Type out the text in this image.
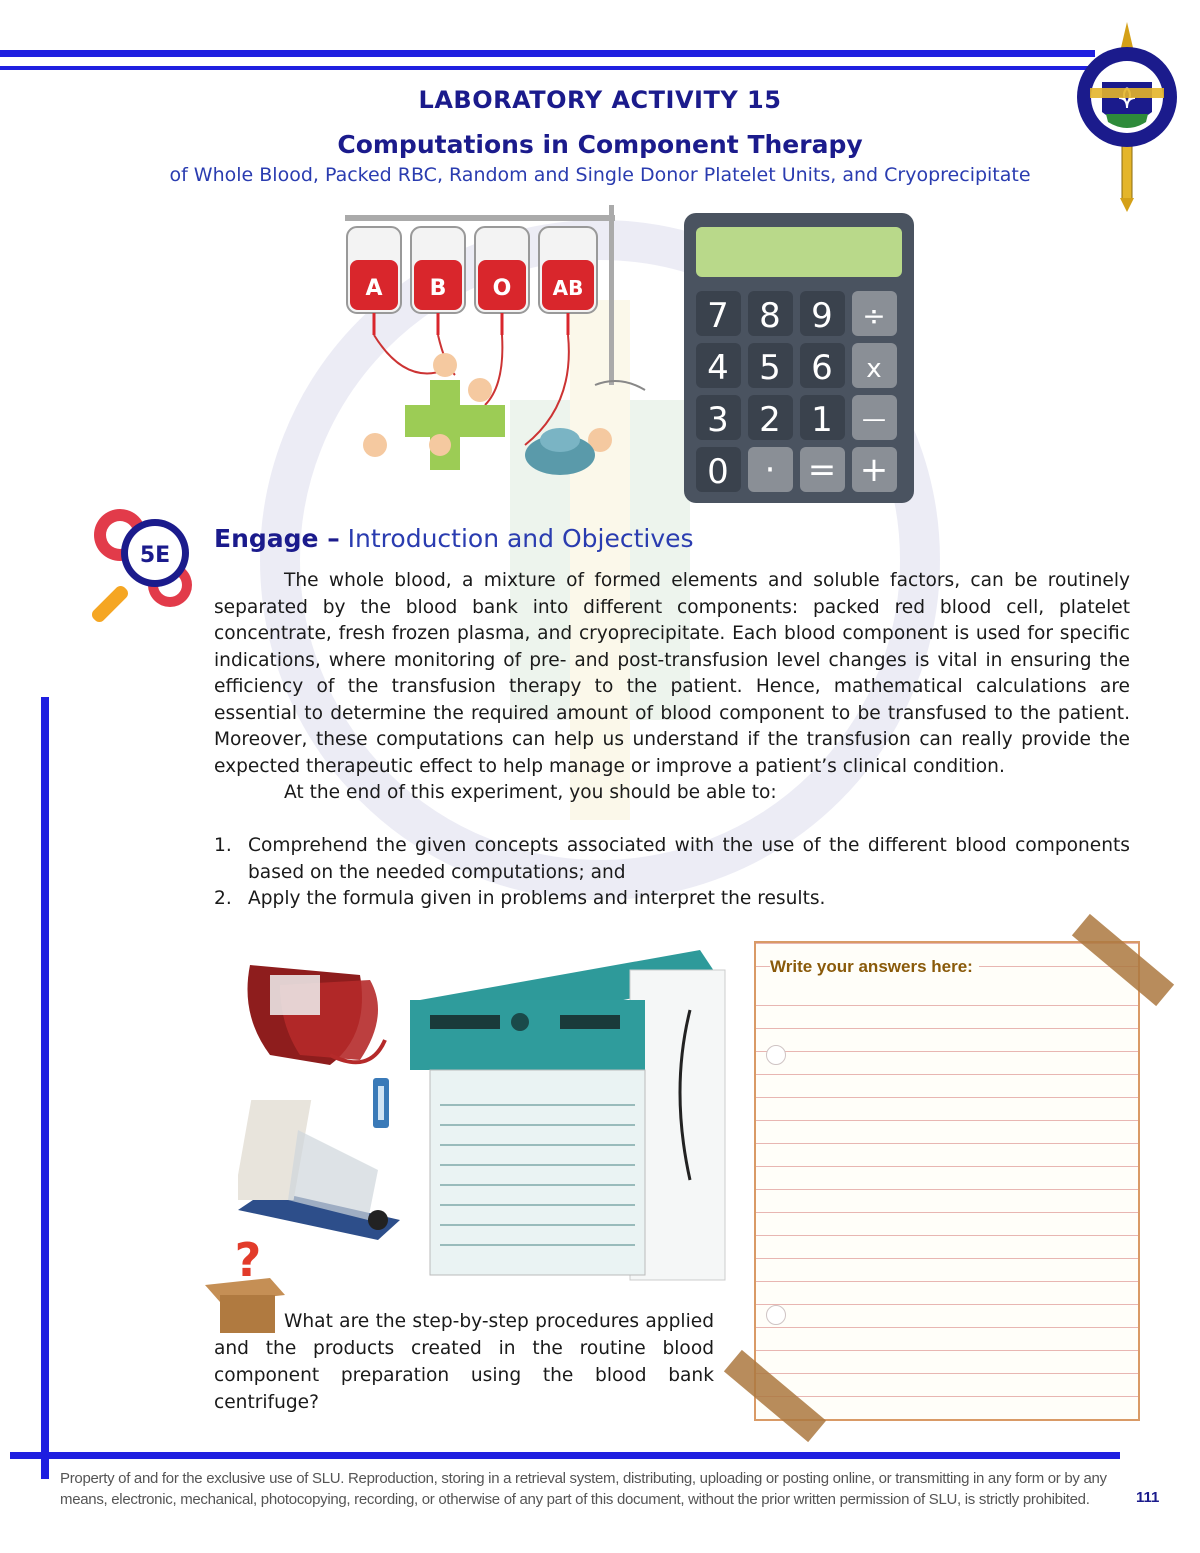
LABORATORY ACTIVITY 15
Computations in Component Therapy
of Whole Blood, Packed RBC, Random and Single Donor Platelet Units, and Cryoprecipitate
A B O AB
7 8 9 ÷
4 5 6 x
3 2 1 —
0 · = +
5E
Engage – Introduction and Objectives

The whole blood, a mixture of formed elements and soluble factors, can be routinely separated by the blood bank into different components: packed red blood cell, platelet concentrate, fresh frozen plasma, and cryoprecipitate. Each blood component is used for specific indications, where monitoring of pre- and post-transfusion level changes is vital in ensuring the efficiency of the transfusion therapy to the patient. Hence, mathematical calculations are essential to determine the required amount of blood component to be transfused to the patient. Moreover, these computations can help us understand if the transfusion can really provide the expected therapeutic effect to help manage or improve a patient’s clinical condition.

At the end of this experiment, you should be able to:

1. Comprehend the given concepts associated with the use of the different blood components based on the needed computations; and
2. Apply the formula given in problems and interpret the results.
?

What are the step-by-step procedures applied and the products created in the routine blood component preparation using the blood bank centrifuge?

Write your answers here:
Property of and for the exclusive use of SLU. Reproduction, storing in a retrieval system, distributing, uploading or posting online, or transmitting in any form or by any means, electronic, mechanical, photocopying, recording, or otherwise of any part of this document, without the prior written permission of SLU, is strictly prohibited.	111
